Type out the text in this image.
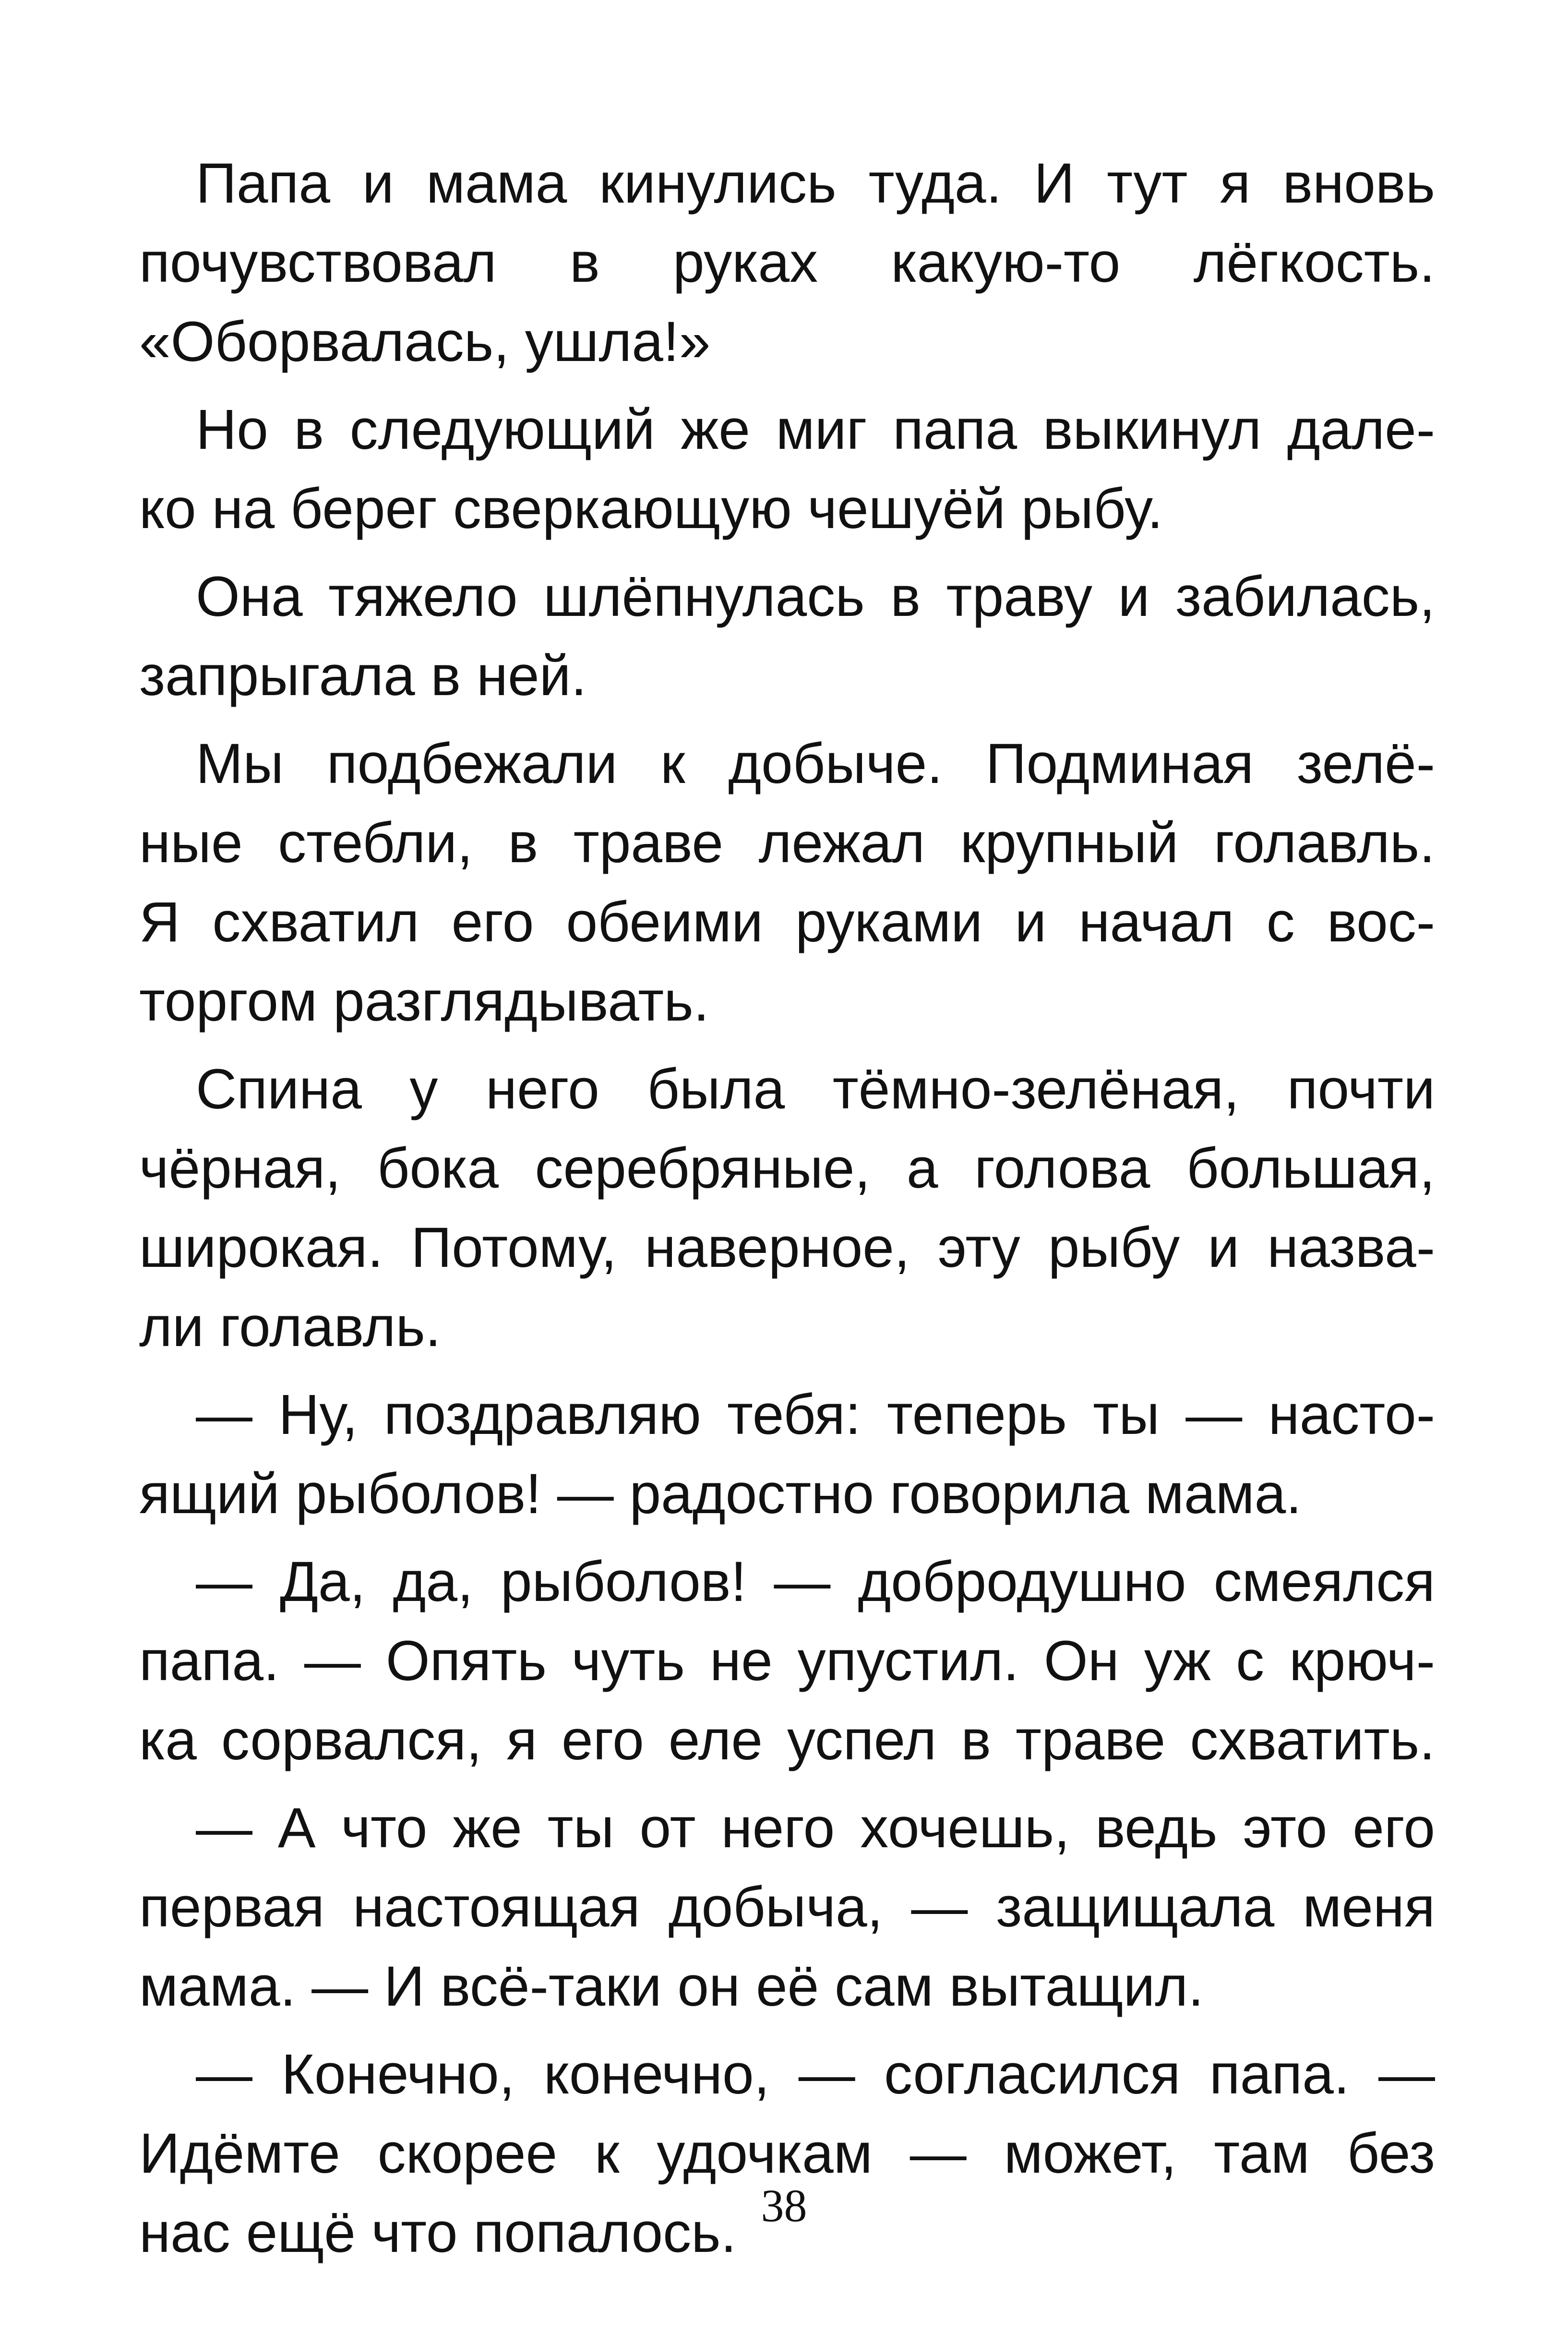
Папа и мама кинулись туда. И тут я вновь
почувствовал в руках какую-то лёгкость.
«Оборвалась, ушла!»
Но в следующий же миг папа выкинул дале-
ко на берег сверкающую чешуёй рыбу.
Она тяжело шлёпнулась в траву и забилась,
запрыгала в ней.
Мы подбежали к добыче. Подминая зелё-
ные стебли, в траве лежал крупный голавль.
Я схватил его обеими руками и начал с вос-
торгом разглядывать.
Спина у него была тёмно-зелёная, почти
чёрная, бока серебряные, а голова большая,
широкая. Потому, наверное, эту рыбу и назва-
ли голавль.
— Ну, поздравляю тебя: теперь ты — насто-
ящий рыболов! — радостно говорила мама.
— Да, да, рыболов! — добродушно смеялся
папа. — Опять чуть не упустил. Он уж с крюч-
ка сорвался, я его еле успел в траве схватить.
— А что же ты от него хочешь, ведь это его
первая настоящая добыча, — защищала меня
мама. — И всё-таки он её сам вытащил.
— Конечно, конечно, — согласился папа. —
Идёмте скорее к удочкам — может, там без
нас ещё что попалось. 38
